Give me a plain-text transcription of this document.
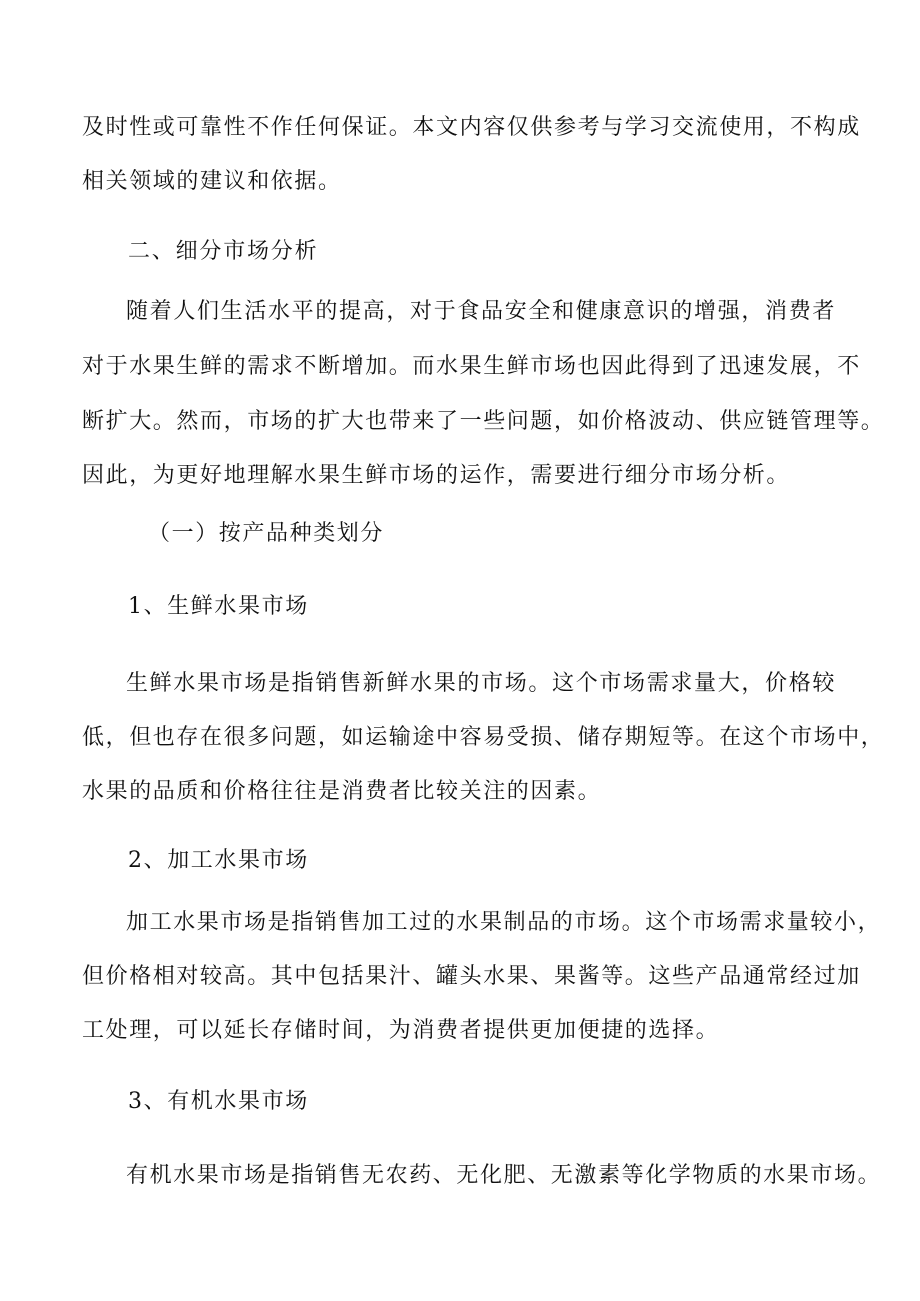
及时性或可靠性不作任何保证。本文内容仅供参考与学习交流使用，不构成
相关领域的建议和依据。
二、细分市场分析
随着人们生活水平的提高，对于食品安全和健康意识的增强，消费者
对于水果生鲜的需求不断增加。而水果生鲜市场也因此得到了迅速发展，不
断扩大。然而，市场的扩大也带来了一些问题，如价格波动、供应链管理等。
因此，为更好地理解水果生鲜市场的运作，需要进行细分市场分析。
（一）按产品种类划分
1、生鲜水果市场
生鲜水果市场是指销售新鲜水果的市场。这个市场需求量大，价格较
低，但也存在很多问题，如运输途中容易受损、储存期短等。在这个市场中，
水果的品质和价格往往是消费者比较关注的因素。
2、加工水果市场
加工水果市场是指销售加工过的水果制品的市场。这个市场需求量较小，
但价格相对较高。其中包括果汁、罐头水果、果酱等。这些产品通常经过加
工处理，可以延长存储时间，为消费者提供更加便捷的选择。
3、有机水果市场
有机水果市场是指销售无农药、无化肥、无激素等化学物质的水果市场。
